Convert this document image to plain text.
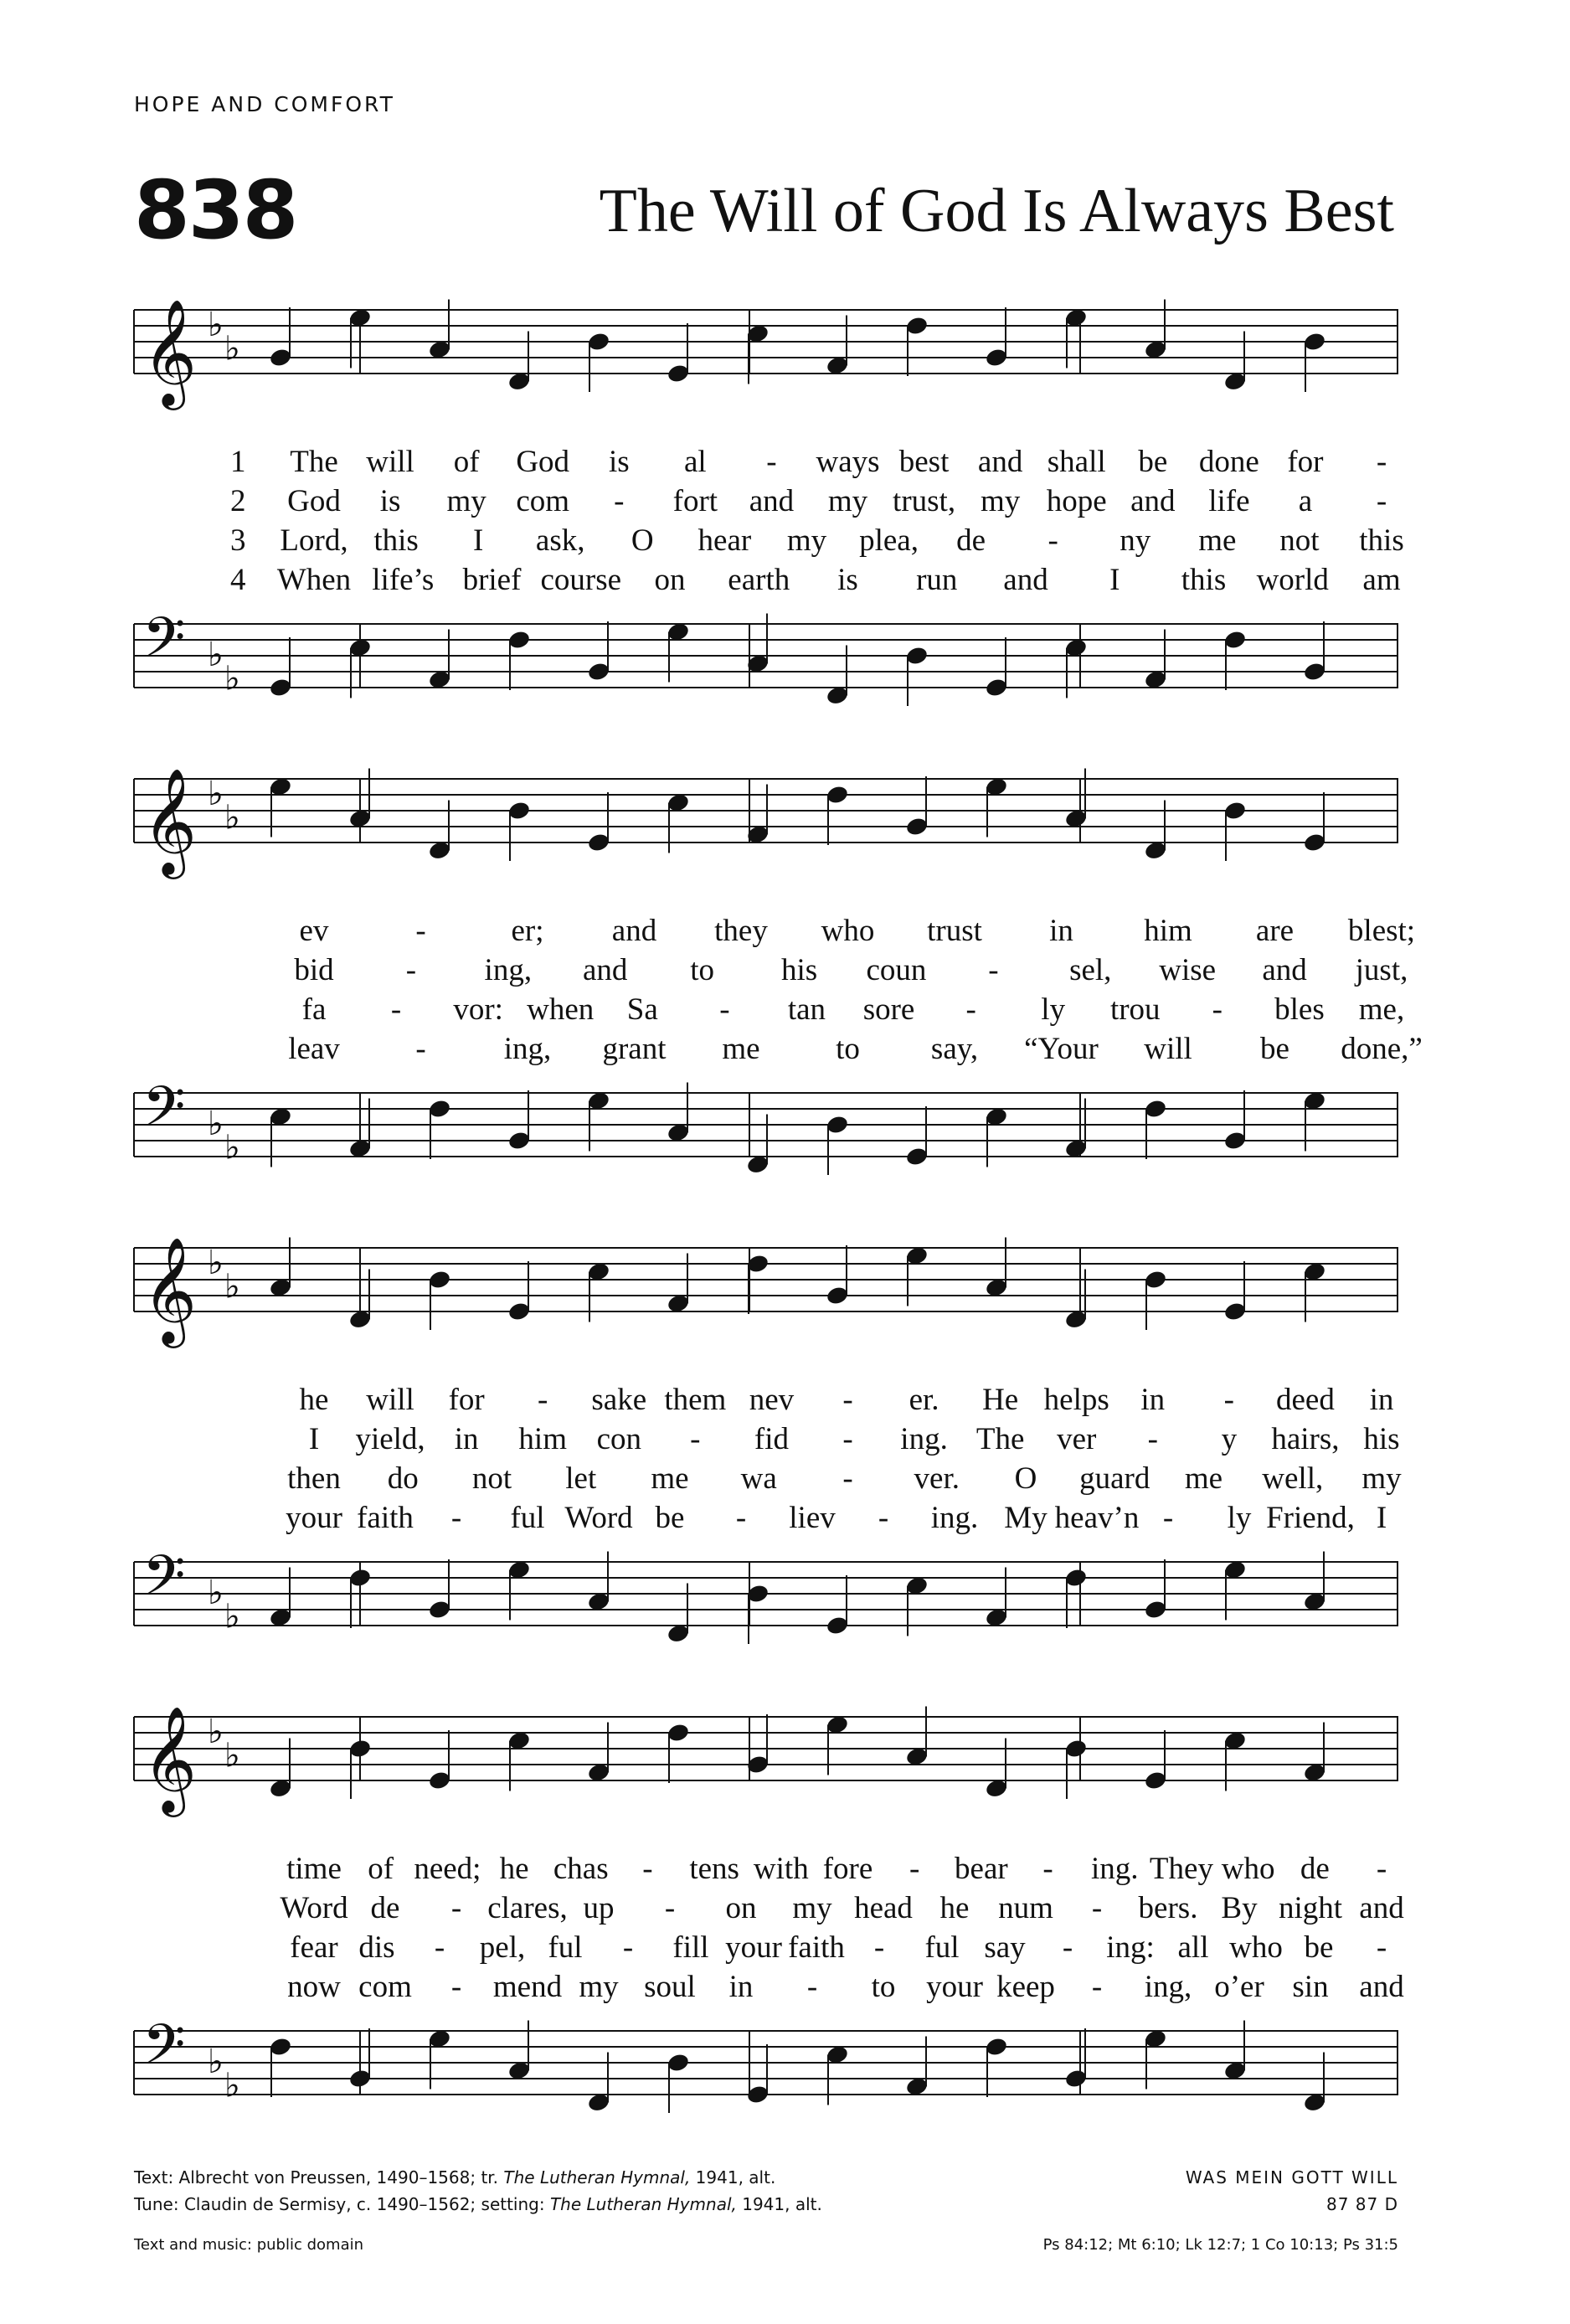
HOPE AND COMFORT
838	The Will of God Is Always Best
𝄞 ♭
♭
1 The will of God is al - ways best and shall be done for -
2 God is my com - fort and my trust, my hope and life a -
3 Lord, this I ask, O hear my plea, de - ny me not this
4 When life’s brief course on earth is run and I this world am
𝄢 ♭
♭
𝄞 ♭
♭
ev	-	er; and they who trust in him are blest;
bid - ing, and to his coun - sel, wise and just,
fa - vor: when Sa - tan sore - ly trou - bles me,
leav -	ing, grant me to say, “Your will be done,”
𝄢 ♭
♭
𝄞 ♭
♭
he will for - sake them nev - er. He helps in - deed in
I yield, in him con - fid - ing. The ver - y hairs, his
then do not let me wa - ver. O guard me well, my
your faith - ful Word be - liev - ing. My heav’n - ly Friend, I
𝄢 ♭
♭
𝄞 ♭
♭
time of need; he chas - tens with fore - bear - ing. They who de -
Word de - clares, up - on my head he num - bers. By night and
fear dis - pel, ful - fill your faith - ful say - ing: all who be -
now com - mend my soul in - to your keep - ing, o’er sin and
𝄢 ♭
♭
Text: Albrecht von Preussen, 1490–1568; tr. The Lutheran Hymnal, 1941, alt.
Tune: Claudin de Sermisy, c. 1490–1562; setting: The Lutheran Hymnal, 1941, alt.
Text and music: public domain
WAS MEIN GOTT WILL
87 87 D
Ps 84:12; Mt 6:10; Lk 12:7; 1 Co 10:13; Ps 31:5
